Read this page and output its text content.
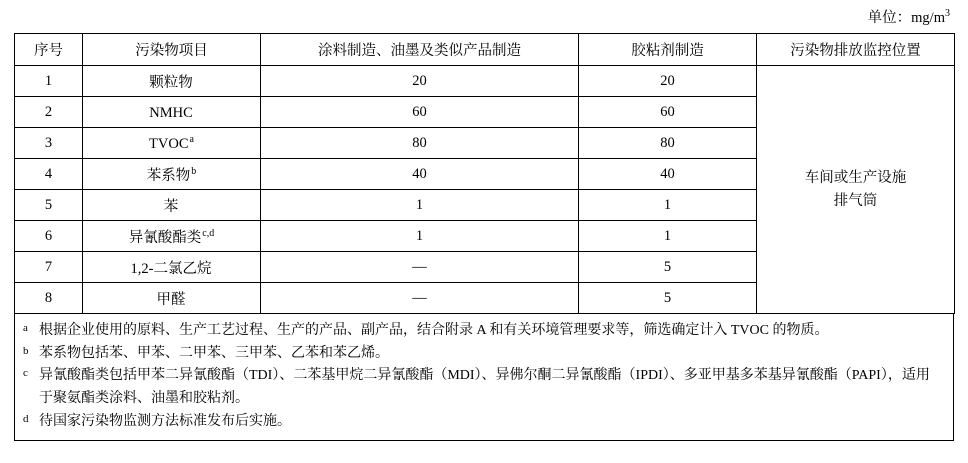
单位：$mg/m^3$
序号	污染物项目	涂料制造、油墨及类似产品制造	胶粘剂制造	污染物排放监控位置
1	颗粒物	20	20	车间或生产设施
排气筒

2	NMHC	60	60	
3	TVOC$^a$	80	80	
4	苯系物$^b$	40	40	
5	苯	1	1	
6	异氰酸酯类$^{c,d}$	1	1	
7	1,2-二氯乙烷	—	5	
8	甲醛	—	5	
a 根据企业使用的原料、生产工艺过程、生产的产品、副产品，结合附录 A 和有关环境管理要求等，筛选确定计入 TVOC 的物质。
b 苯系物包括苯、甲苯、二甲苯、三甲苯、乙苯和苯乙烯。
c 异氰酸酯类包括甲苯二异氰酸酯（TDI）、二苯基甲烷二异氰酸酯（MDI）、异佛尔酮二异氰酸酯（IPDI）、多亚甲基多苯基异氰酸酯（PAPI），适用于聚氨酯类涂料、油墨和胶粘剂。
d 待国家污染物监测方法标准发布后实施。
